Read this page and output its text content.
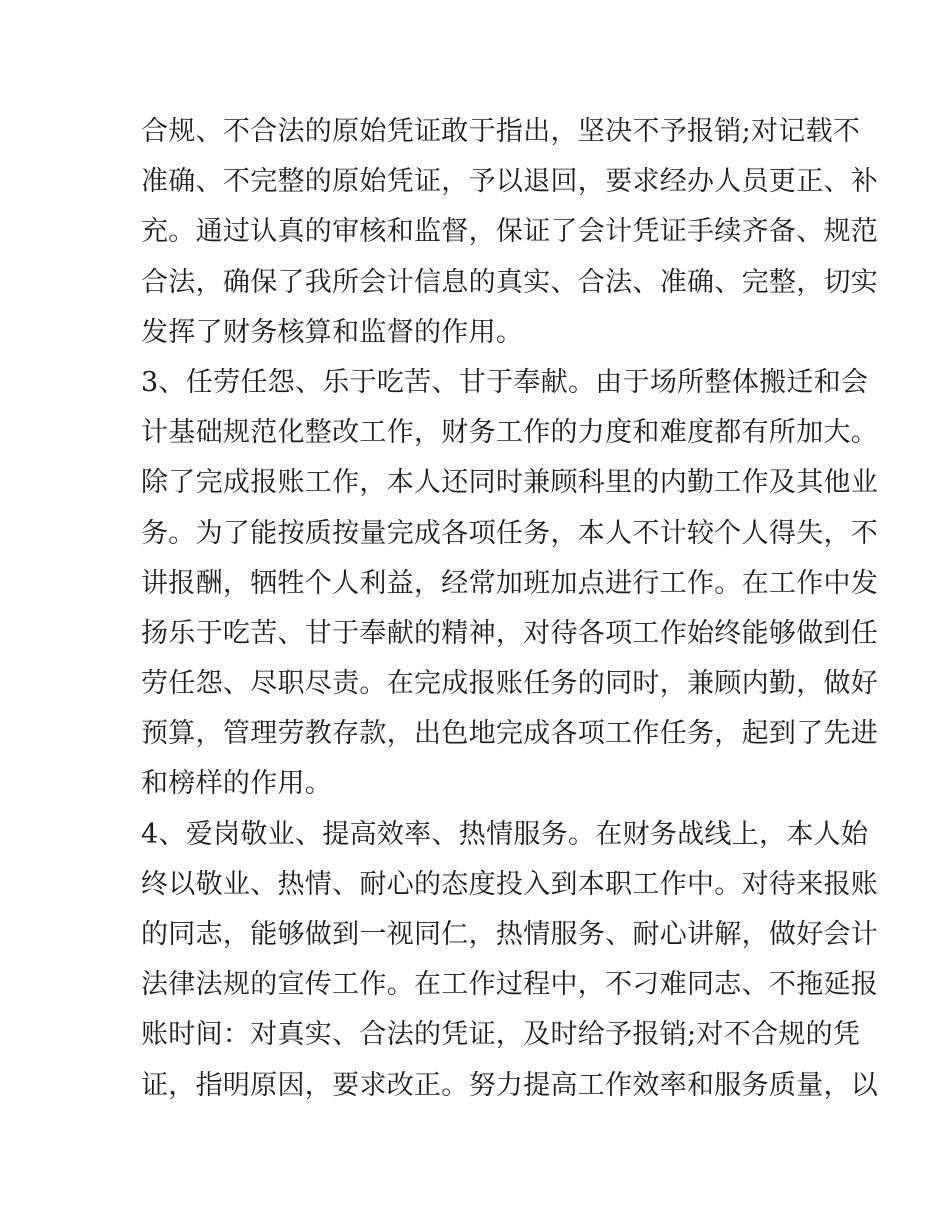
合规、不合法的原始凭证敢于指出，坚决不予报销;对记载不
准确、不完整的原始凭证，予以退回，要求经办人员更正、补
充。通过认真的审核和监督，保证了会计凭证手续齐备、规范
合法，确保了我所会计信息的真实、合法、准确、完整，切实
发挥了财务核算和监督的作用。
3、任劳任怨、乐于吃苦、甘于奉献。由于场所整体搬迁和会
计基础规范化整改工作，财务工作的力度和难度都有所加大。
除了完成报账工作，本人还同时兼顾科里的内勤工作及其他业
务。为了能按质按量完成各项任务，本人不计较个人得失，不
讲报酬，牺牲个人利益，经常加班加点进行工作。在工作中发
扬乐于吃苦、甘于奉献的精神，对待各项工作始终能够做到任
劳任怨、尽职尽责。在完成报账任务的同时，兼顾内勤，做好
预算，管理劳教存款，出色地完成各项工作任务，起到了先进
和榜样的作用。
4、爱岗敬业、提高效率、热情服务。在财务战线上，本人始
终以敬业、热情、耐心的态度投入到本职工作中。对待来报账
的同志，能够做到一视同仁，热情服务、耐心讲解，做好会计
法律法规的宣传工作。在工作过程中，不刁难同志、不拖延报
账时间：对真实、合法的凭证，及时给予报销;对不合规的凭
证，指明原因，要求改正。努力提高工作效率和服务质量，以
